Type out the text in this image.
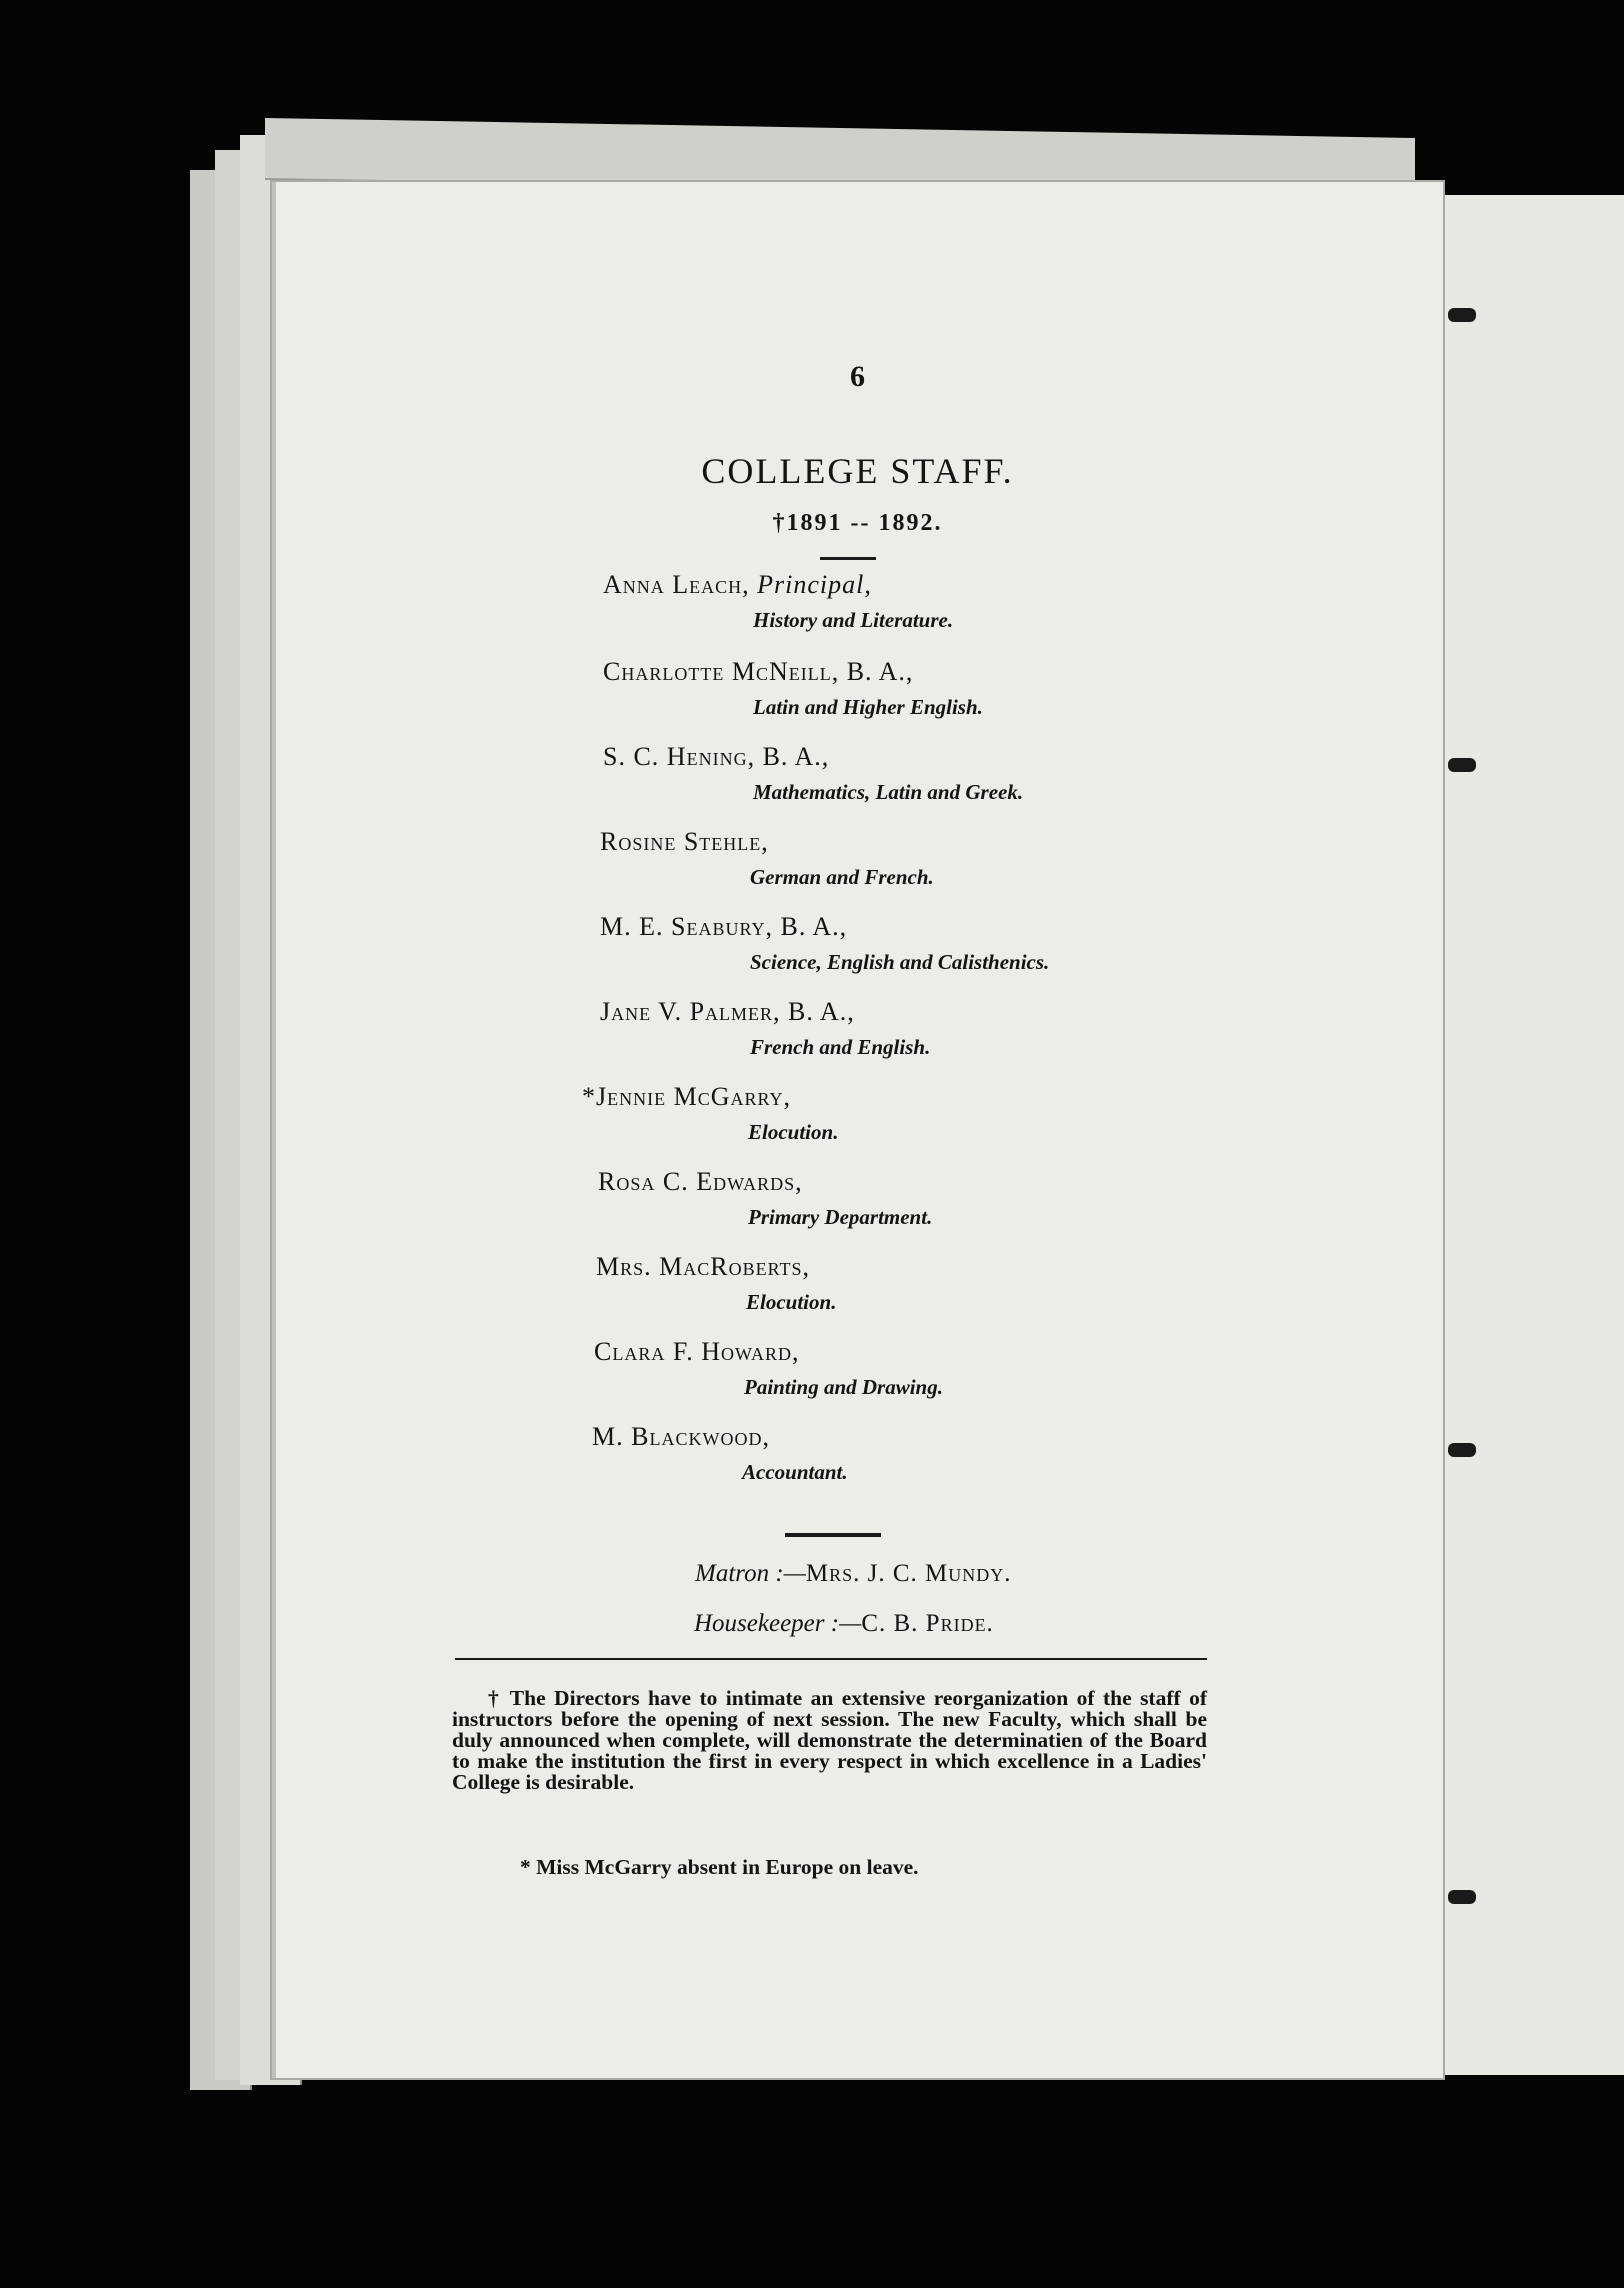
6
COLLEGE STAFF.
†1891 -- 1892.
Anna Leach, Principal,
History and Literature.
Charlotte McNeill, B. A.,
Latin and Higher English.
S. C. Hening, B. A.,
Mathematics, Latin and Greek.
Rosine Stehle,
German and French.
M. E. Seabury, B. A.,
Science, English and Calisthenics.
Jane V. Palmer, B. A.,
French and English.
*Jennie McGarry,
Elocution.
Rosa C. Edwards,
Primary Department.
Mrs. MacRoberts,
Elocution.
Clara F. Howard,
Painting and Drawing.
M. Blackwood,
Accountant.
Matron :—Mrs. J. C. Mundy.
Housekeeper :—C. B. Pride.
† The Directors have to intimate an extensive reorganization of the staff of instructors before the opening of next session. The new Faculty, which shall be duly announced when complete, will demonstrate the determinatien of the Board to make the institution the first in every respect in which excellence in a Ladies' College is desirable.
* Miss McGarry absent in Europe on leave.
